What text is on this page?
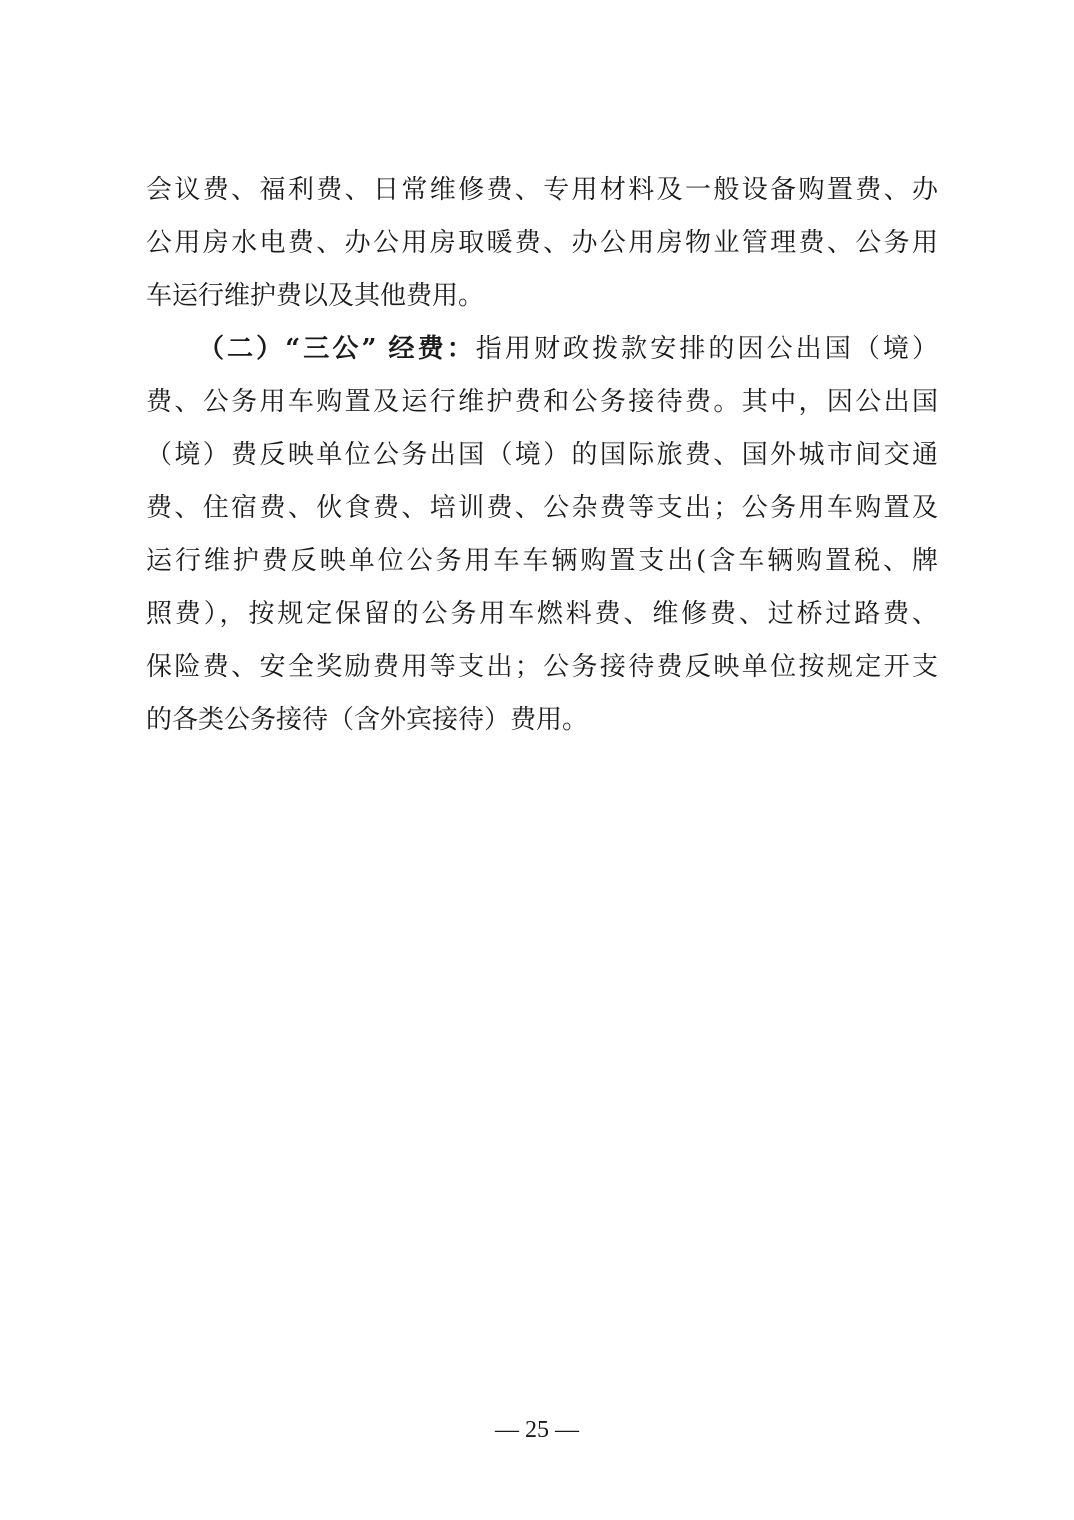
会议费、福利费、日常维修费、专用材料及一般设备购置费、办
公用房水电费、办公用房取暖费、办公用房物业管理费、公务用
车运行维护费以及其他费用。
（二）“三公” 经费：指用财政拨款安排的因公出国（境）
费、公务用车购置及运行维护费和公务接待费。其中，因公出国
（境）费反映单位公务出国（境）的国际旅费、国外城市间交通
费、住宿费、伙食费、培训费、公杂费等支出；公务用车购置及
运行维护费反映单位公务用车车辆购置支出(含车辆购置税、牌
照费），按规定保留的公务用车燃料费、维修费、过桥过路费、
保险费、安全奖励费用等支出；公务接待费反映单位按规定开支
的各类公务接待（含外宾接待）费用。
— 25 —
